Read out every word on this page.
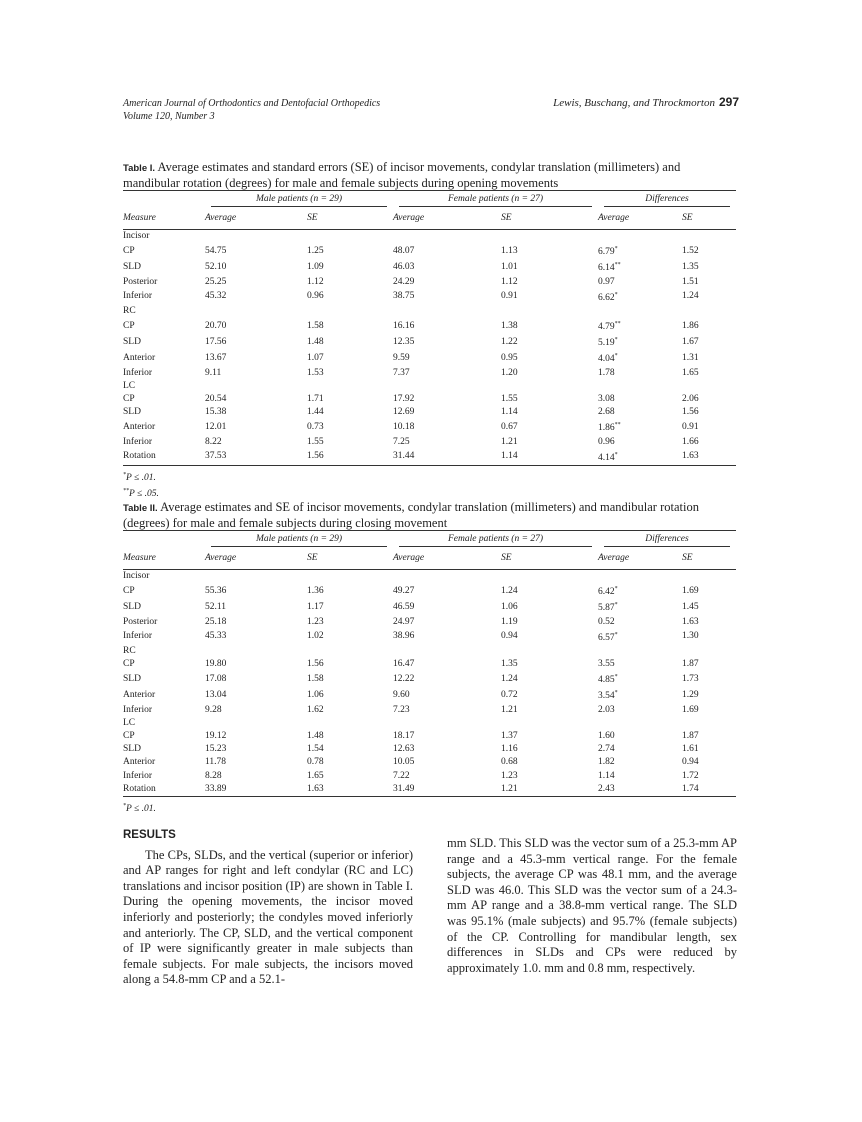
American Journal of Orthodontics and Dentofacial Orthopedics
Volume 120, Number 3
Lewis, Buschang, and Throckmorton 297

Table I. Average estimates and standard errors (SE) of incisor movements, condylar translation (millimeters) and mandibular rotation (degrees) for male and female subjects during opening movements

	Male patients (n = 29)		Female patients (n = 27)		Differences	

Measure	Average	SE	Average	SE	Average	SE
Incisor						
CP	54.75	1.25	48.07	1.13	6.79*	1.52
SLD	52.10	1.09	46.03	1.01	6.14**	1.35
Posterior	25.25	1.12	24.29	1.12	0.97	1.51
Inferior	45.32	0.96	38.75	0.91	6.62*	1.24
RC						
CP	20.70	1.58	16.16	1.38	4.79**	1.86
SLD	17.56	1.48	12.35	1.22	5.19*	1.67
Anterior	13.67	1.07	9.59	0.95	4.04*	1.31
Inferior	9.11	1.53	7.37	1.20	1.78	1.65
LC						
CP	20.54	1.71	17.92	1.55	3.08	2.06
SLD	15.38	1.44	12.69	1.14	2.68	1.56
Anterior	12.01	0.73	10.18	0.67	1.86**	0.91
Inferior	8.22	1.55	7.25	1.21	0.96	1.66
Rotation	37.53	1.56	31.44	1.14	4.14*	1.63
*P ≤ .01.
**P ≤ .05.

Table II. Average estimates and SE of incisor movements, condylar translation (millimeters) and mandibular rotation (degrees) for male and female subjects during closing movement

	Male patients (n = 29)		Female patients (n = 27)		Differences	

Measure	Average	SE	Average	SE	Average	SE
Incisor						
CP	55.36	1.36	49.27	1.24	6.42*	1.69
SLD	52.11	1.17	46.59	1.06	5.87*	1.45
Posterior	25.18	1.23	24.97	1.19	0.52	1.63
Inferior	45.33	1.02	38.96	0.94	6.57*	1.30
RC						
CP	19.80	1.56	16.47	1.35	3.55	1.87
SLD	17.08	1.58	12.22	1.24	4.85*	1.73
Anterior	13.04	1.06	9.60	0.72	3.54*	1.29
Inferior	9.28	1.62	7.23	1.21	2.03	1.69
LC						
CP	19.12	1.48	18.17	1.37	1.60	1.87
SLD	15.23	1.54	12.63	1.16	2.74	1.61
Anterior	11.78	0.78	10.05	0.68	1.82	0.94
Inferior	8.28	1.65	7.22	1.23	1.14	1.72
Rotation	33.89	1.63	31.49	1.21	2.43	1.74
*P ≤ .01.
RESULTS

The CPs, SLDs, and the vertical (superior or inferior) and AP ranges for right and left condylar (RC and LC) translations and incisor position (IP) are shown in Table I. During the opening movements, the incisor moved inferiorly and posteriorly; the condyles moved inferiorly and anteriorly. The CP, SLD, and the vertical component of IP were significantly greater in male subjects than female subjects. For male subjects, the incisors moved along a 54.8-mm CP and a 52.1-

mm SLD. This SLD was the vector sum of a 25.3-mm AP range and a 45.3-mm vertical range. For the female subjects, the average CP was 48.1 mm, and the average SLD was 46.0. This SLD was the vector sum of a 24.3-mm AP range and a 38.8-mm vertical range. The SLD was 95.1% (male subjects) and 95.7% (female subjects) of the CP. Controlling for mandibular length, sex differences in SLDs and CPs were reduced by approximately 1.0. mm and 0.8 mm, respectively.
